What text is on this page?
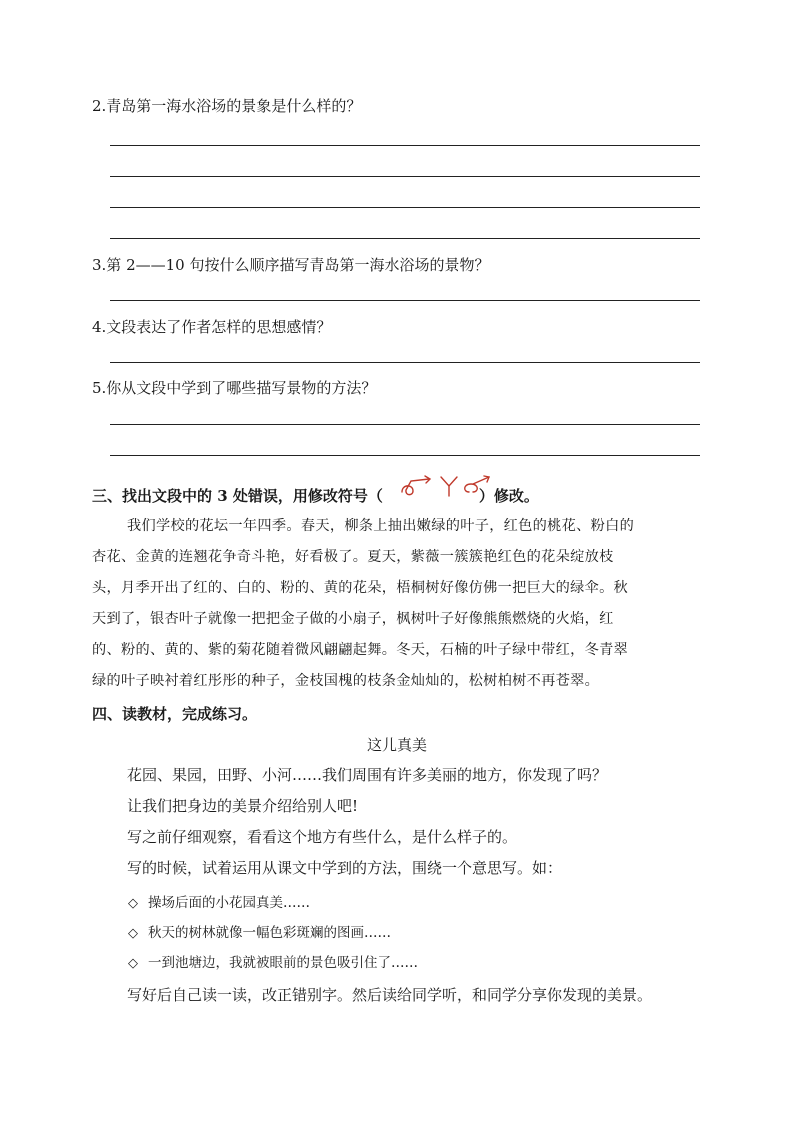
2.青岛第一海水浴场的景象是什么样的？
3.第 2——10 句按什么顺序描写青岛第一海水浴场的景物？
4.文段表达了作者怎样的思想感情？
5.你从文段中学到了哪些描写景物的方法？
三、找出文段中的 3 处错误，用修改符号（	）修改。
我们学校的花坛一年四季。春天，柳条上抽出嫩绿的叶子，红色的桃花、粉白的
杏花、金黄的连翘花争奇斗艳，好看极了。夏天，紫薇一簇簇艳红色的花朵绽放枝
头，月季开出了红的、白的、粉的、黄的花朵，梧桐树好像仿佛一把巨大的绿伞。秋
天到了，银杏叶子就像一把把金子做的小扇子，枫树叶子好像熊熊燃烧的火焰，红
的、粉的、黄的、紫的菊花随着微风翩翩起舞。冬天，石楠的叶子绿中带红，冬青翠
绿的叶子映衬着红彤彤的种子，金枝国槐的枝条金灿灿的，松树柏树不再苍翠。
四、读教材，完成练习。
这儿真美
花园、果园，田野、小河……我们周围有许多美丽的地方，你发现了吗？
让我们把身边的美景介绍给别人吧!
写之前仔细观察，看看这个地方有些什么，是什么样子的。
写的时候，试着运用从课文中学到的方法，围绕一个意思写。如：
◇ 操场后面的小花园真美……
◇ 秋天的树林就像一幅色彩斑斓的图画……
◇ 一到池塘边，我就被眼前的景色吸引住了……
写好后自己读一读，改正错别字。然后读给同学听，和同学分享你发现的美景。
